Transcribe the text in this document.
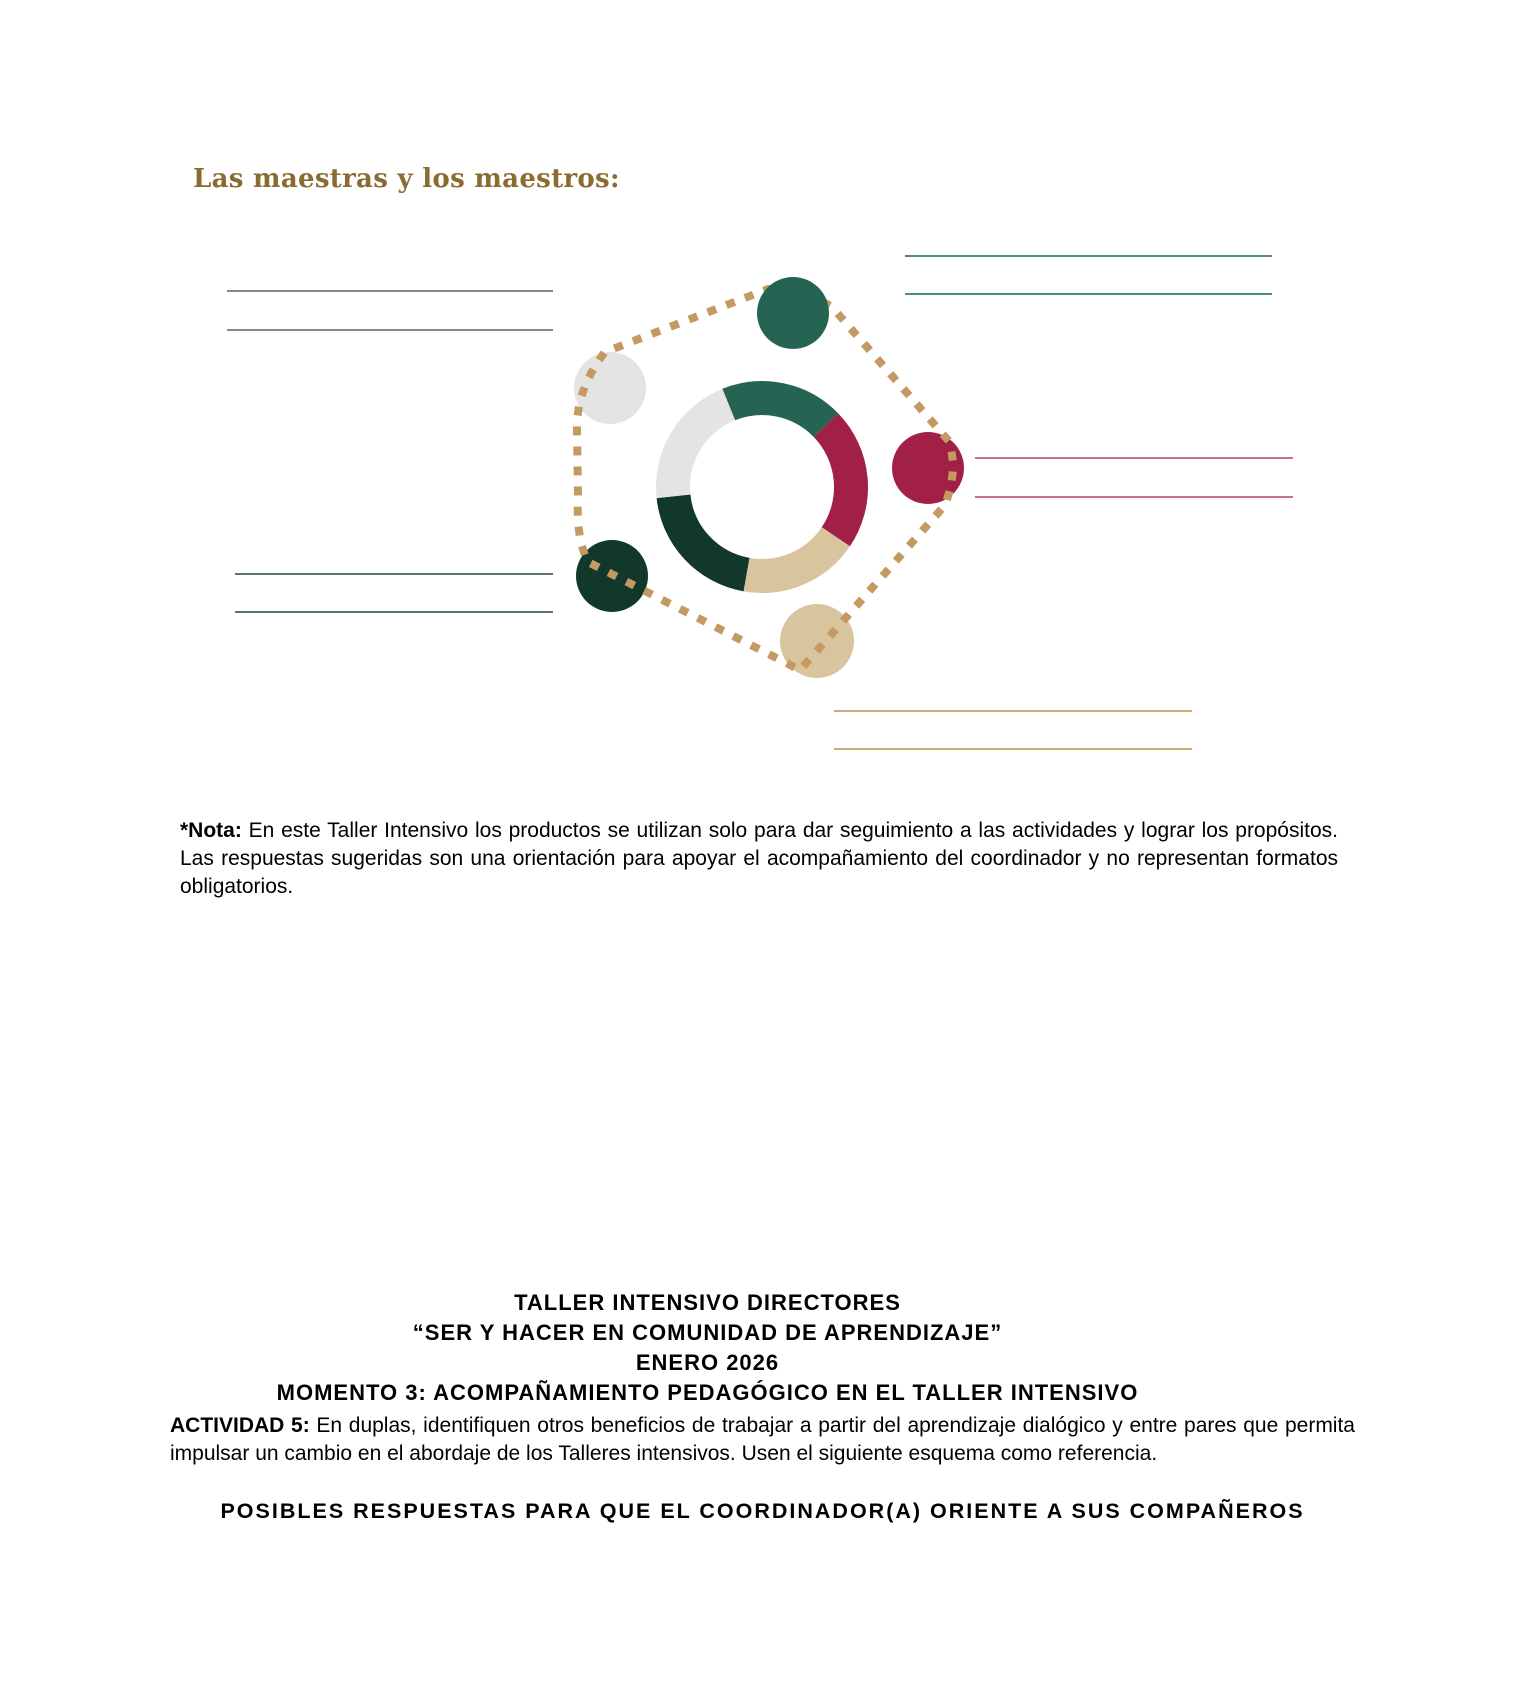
Las maestras y los maestros:

*Nota: En este Taller Intensivo los productos se utilizan solo para dar seguimiento a las actividades y lograr los propósitos. Las respuestas sugeridas son una orientación para apoyar el acompañamiento del coordinador y no representan formatos obligatorios.

TALLER INTENSIVO DIRECTORES
“SER Y HACER EN COMUNIDAD DE APRENDIZAJE”
ENERO 2026
MOMENTO 3: ACOMPAÑAMIENTO PEDAGÓGICO EN EL TALLER INTENSIVO

ACTIVIDAD 5: En duplas, identifiquen otros beneficios de trabajar a partir del aprendizaje dialógico y entre pares que permita impulsar un cambio en el abordaje de los Talleres intensivos. Usen el siguiente esquema como referencia.

POSIBLES RESPUESTAS PARA QUE EL COORDINADOR(A) ORIENTE A SUS COMPAÑEROS
